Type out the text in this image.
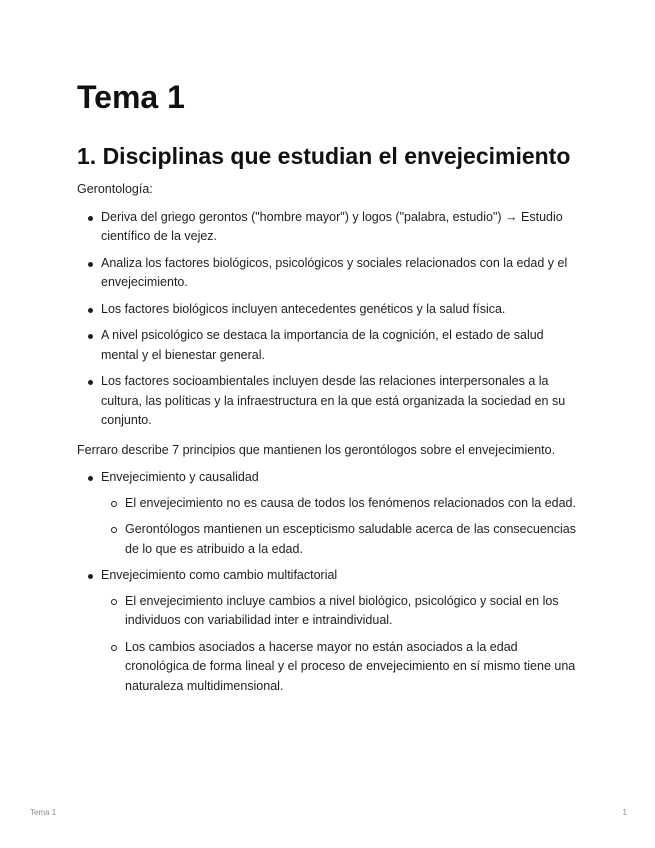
Tema 1
1. Disciplinas que estudian el envejecimiento

Gerontología:

Deriva del griego gerontos ("hombre mayor") y logos ("palabra, estudio") → Estudio científico de la vejez.
Analiza los factores biológicos, psicológicos y sociales relacionados con la edad y el envejecimiento.
Los factores biológicos incluyen antecedentes genéticos y la salud física.
A nivel psicológico se destaca la importancia de la cognición, el estado de salud mental y el bienestar general.
Los factores socioambientales incluyen desde las relaciones interpersonales a la cultura, las políticas y la infraestructura en la que está organizada la sociedad en su conjunto.

Ferraro describe 7 principios que mantienen los gerontólogos sobre el envejecimiento.

Envejecimiento y causalidad
El envejecimiento no es causa de todos los fenómenos relacionados con la edad.
Gerontólogos mantienen un escepticismo saludable acerca de las consecuencias de lo que es atribuido a la edad.
Envejecimiento como cambio multifactorial
El envejecimiento incluye cambios a nivel biológico, psicológico y social en los individuos con variabilidad inter e intraindividual.
Los cambios asociados a hacerse mayor no están asociados a la edad cronológica de forma lineal y el proceso de envejecimiento en sí mismo tiene una naturaleza multidimensional.
Tema 1	1
